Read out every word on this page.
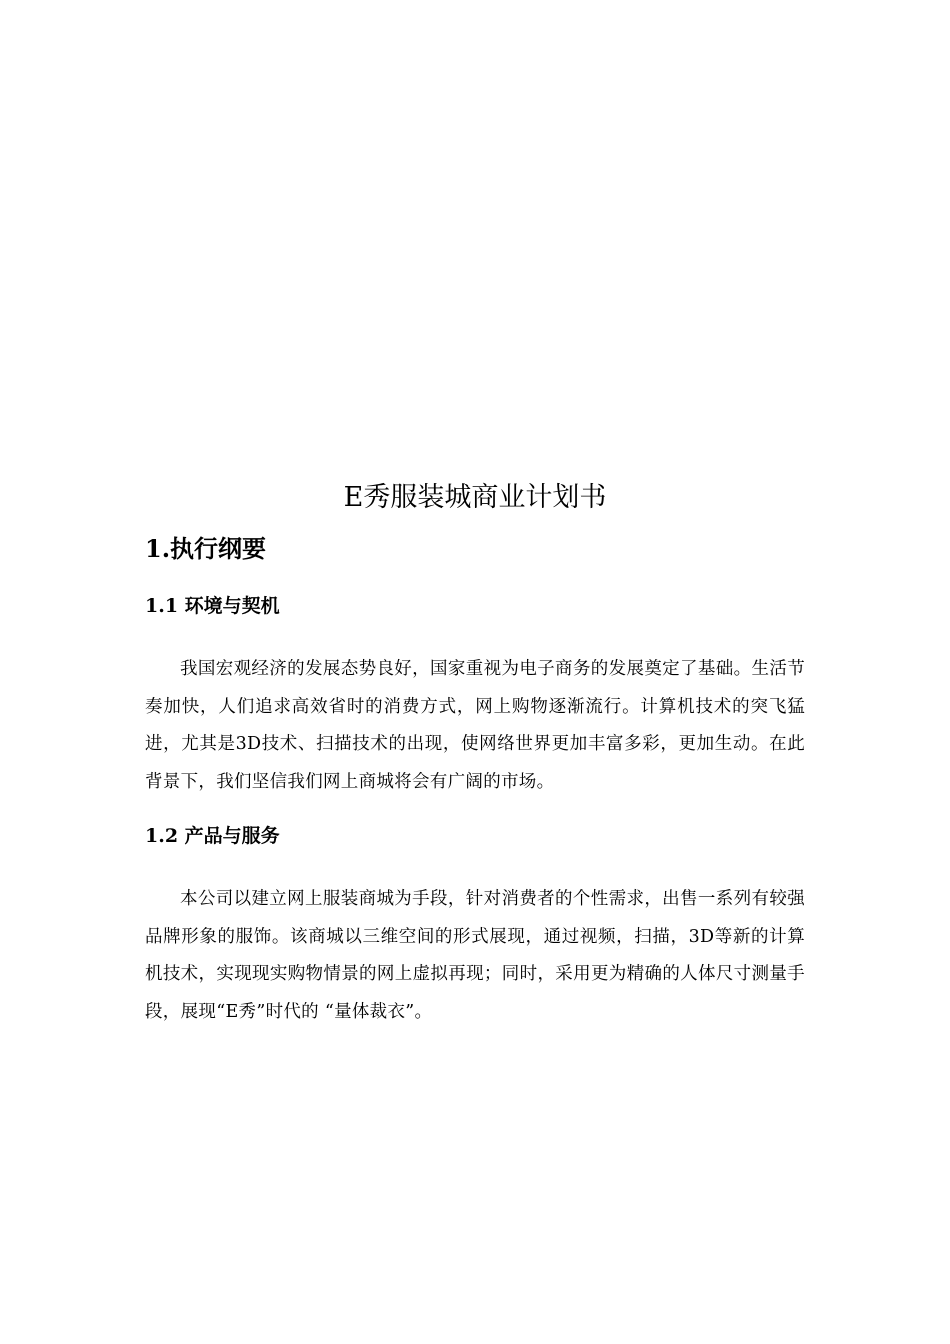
E秀服装城商业计划书
1.执行纲要
1.1 环境与契机

我国宏观经济的发展态势良好，国家重视为电子商务的发展奠定了基础。生活节奏加快，人们追求高效省时的消费方式，网上购物逐渐流行。计算机技术的突飞猛进，尤其是3D技术、扫描技术的出现，使网络世界更加丰富多彩，更加生动。在此背景下，我们坚信我们网上商城将会有广阔的市场。

1.2 产品与服务

本公司以建立网上服装商城为手段，针对消费者的个性需求，出售一系列有较强品牌形象的服饰。该商城以三维空间的形式展现，通过视频，扫描，3D等新的计算机技术，实现现实购物情景的网上虚拟再现；同时，采用更为精确的人体尺寸测量手段，展现“E秀”时代的 “量体裁衣”。
